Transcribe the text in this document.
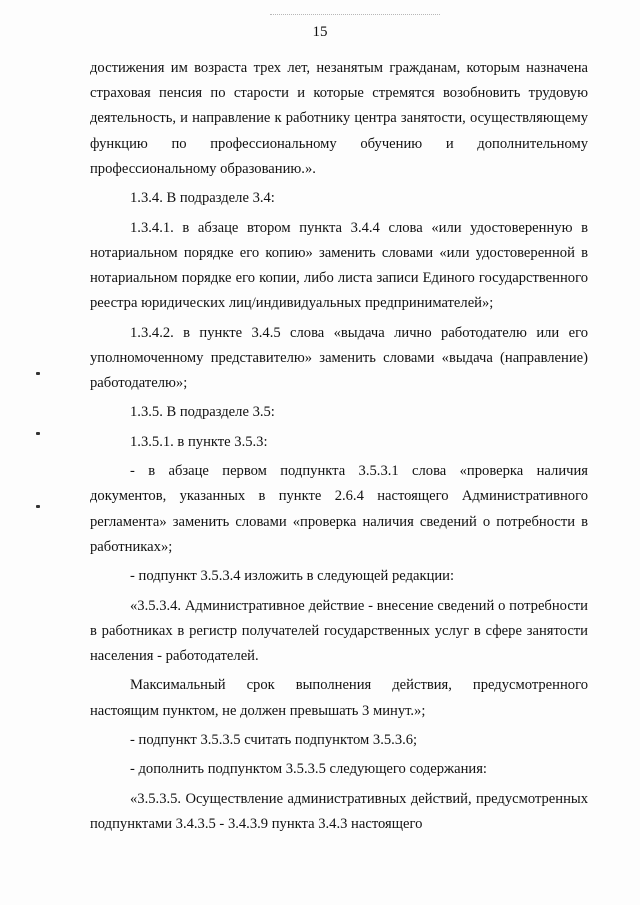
15

достижения им возраста трех лет, незанятым гражданам, которым назначена страховая пенсия по старости и которые стремятся возобновить трудовую деятельность, и направление к работнику центра занятости, осуществляющему функцию по профессиональному обучению и дополнительному профессиональному образованию.».

1.3.4. В подразделе 3.4:

1.3.4.1. в абзаце втором пункта 3.4.4 слова «или удостоверенную в нотариальном порядке его копию» заменить словами «или удостоверенной в нотариальном порядке его копии, либо листа записи Единого государственного реестра юридических лиц/индивидуальных предпринимателей»;

1.3.4.2. в пункте 3.4.5 слова «выдача лично работодателю или его уполномоченному представителю» заменить словами «выдача (направление) работодателю»;

1.3.5. В подразделе 3.5:

1.3.5.1. в пункте 3.5.3:

- в абзаце первом подпункта 3.5.3.1 слова «проверка наличия документов, указанных в пункте 2.6.4 настоящего Административного регламента» заменить словами «проверка наличия сведений о потребности в работниках»;

- подпункт 3.5.3.4 изложить в следующей редакции:

«3.5.3.4. Административное действие - внесение сведений о потребности в работниках в регистр получателей государственных услуг в сфере занятости населения - работодателей.

Максимальный срок выполнения действия, предусмотренного настоящим пунктом, не должен превышать 3 минут.»;

- подпункт 3.5.3.5 считать подпунктом 3.5.3.6;

- дополнить подпунктом 3.5.3.5 следующего содержания:

«3.5.3.5. Осуществление административных действий, предусмотренных подпунктами 3.4.3.5 - 3.4.3.9 пункта 3.4.3 настоящего
